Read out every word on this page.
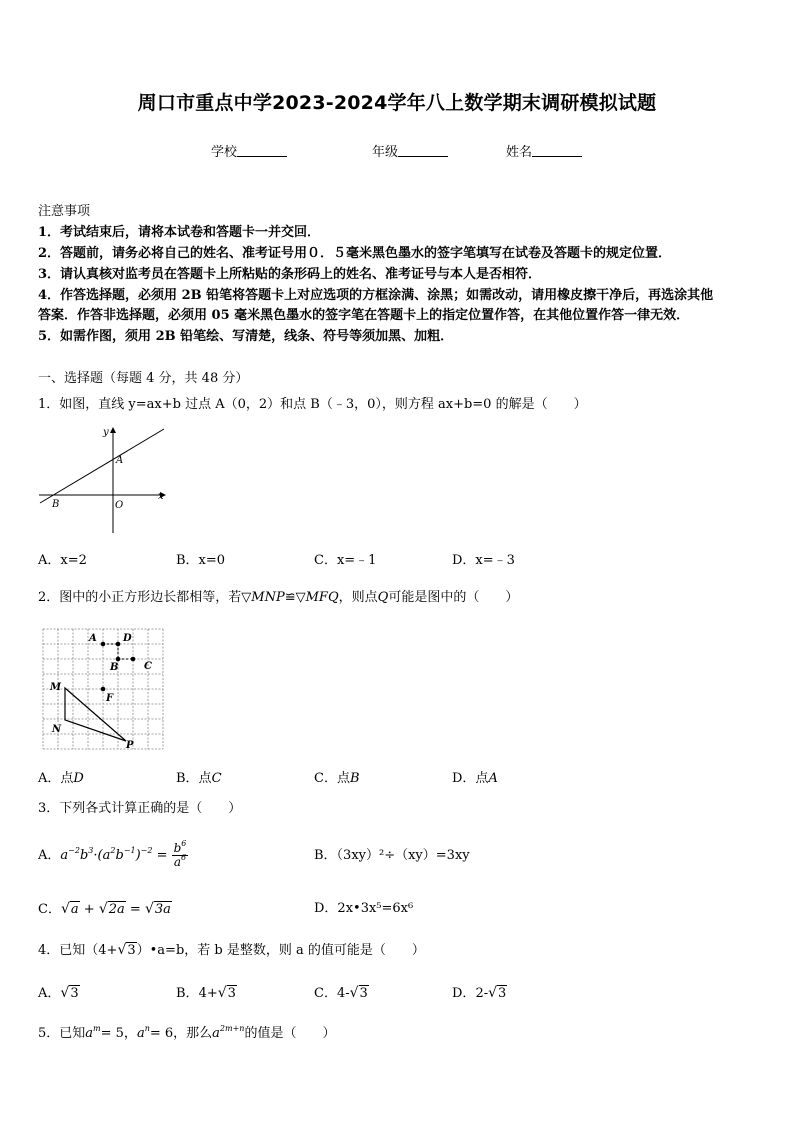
周口市重点中学2023-2024学年八上数学期末调研模拟试题
学校	年级	姓名
注意事项
1．考试结束后，请将本试卷和答题卡一并交回．
2．答题前，请务必将自己的姓名、准考证号用０．５毫米黑色墨水的签字笔填写在试卷及答题卡的规定位置．
3．请认真核对监考员在答题卡上所粘贴的条形码上的姓名、准考证号与本人是否相符．
4．作答选择题，必须用 2B 铅笔将答题卡上对应选项的方框涂满、涂黑；如需改动，请用橡皮擦干净后，再选涂其他
答案．作答非选择题，必须用 05 毫米黑色墨水的签字笔在答题卡上的指定位置作答，在其他位置作答一律无效．
5．如需作图，须用 2B 铅笔绘、写清楚，线条、符号等须加黑、加粗．
一、选择题（每题 4 分，共 48 分）
1．如图，直线 y=ax+b 过点 A（0，2）和点 B（﹣3，0），则方程 ax+b=0 的解是（　　）
y
x
A
B	O
A．x=2	B．x=0	C．x=﹣1	D．x=﹣3
2．图中的小正方形边长都相等，若▽MNP≌▽MFQ，则点Q可能是图中的（　　）
A	D
B	C
M
F
N
P
A．点D	B．点C	C．点B	D．点A
3．下列各式计算正确的是（　　）
A．$a^{-2}b^3\cdot(a^2b^{-1})^{-2} = \frac{b^6}{a^6}$	B．（3xy）²÷（xy）=3xy
C．√a + √2a = √3a	D．2x•3x⁵=6x⁶
4．已知（4+√3）•a=b，若 b 是整数，则 a 的值可能是（　　）
A．√3	B．4+√3	C．4-√3	D．2-√3
5．已知$a^m= 5$，$a^n= 6$，那么$a^{2m+n}$的值是（　　）
